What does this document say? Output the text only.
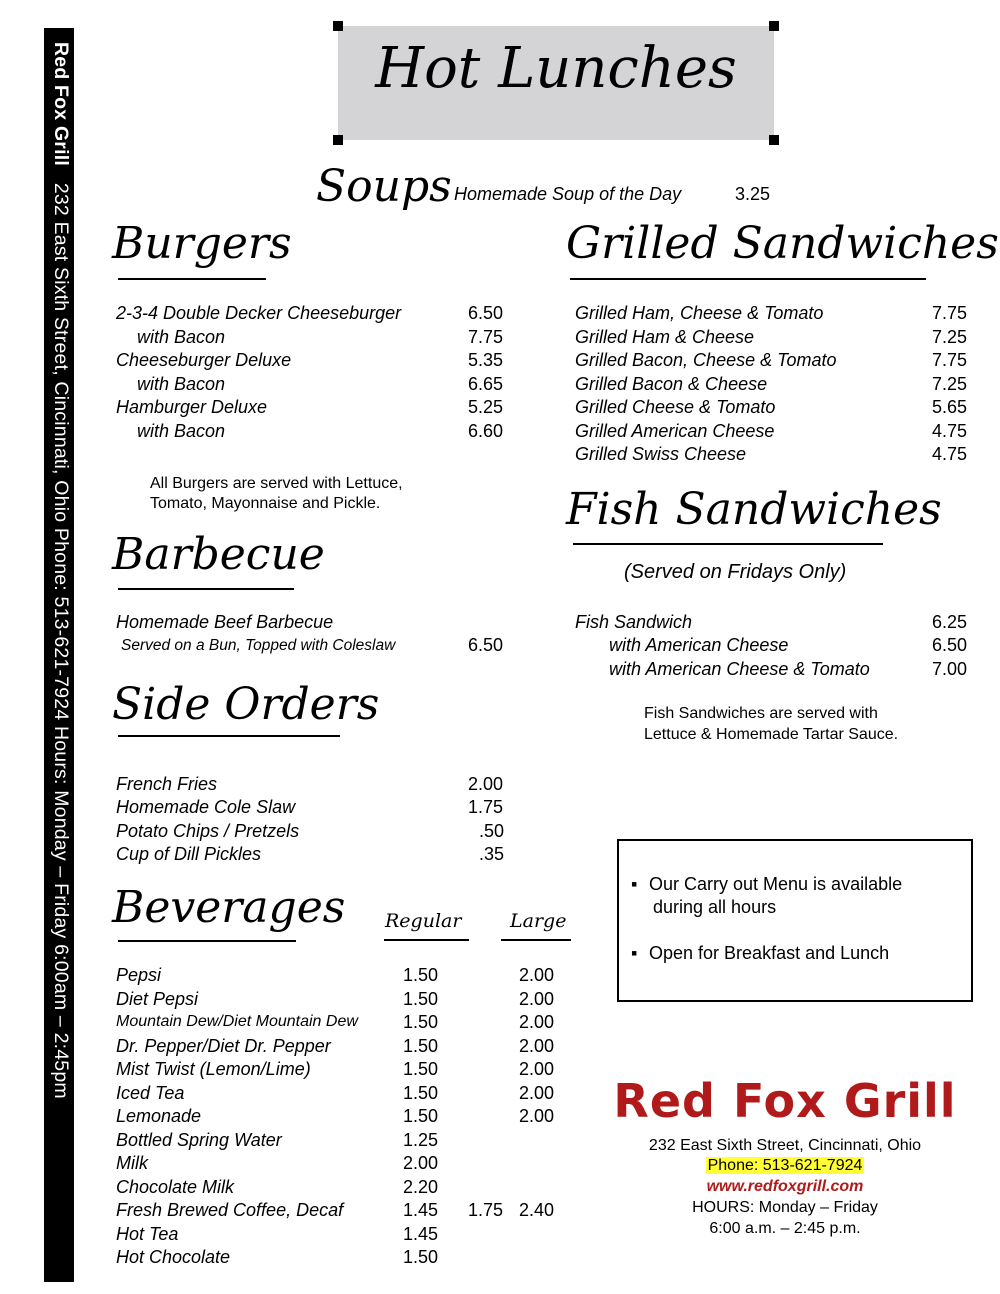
Red Fox Grill   232 East Sixth Street, Cincinnati, Ohio Phone: 513-621-7924 Hours: Monday – Friday 6:00am – 2:45pm
Hot Lunches
Soups Homemade Soup of the Day	3.25
Burgers
2-3-4 Double Decker Cheeseburger	6.50
with Bacon	7.75
Cheeseburger Deluxe	5.35
with Bacon	6.65
Hamburger Deluxe	5.25
with Bacon	6.60
All Burgers are served with Lettuce,
Tomato, Mayonnaise and Pickle.
Barbecue
Homemade Beef Barbecue
Served on a Bun, Topped with Coleslaw	6.50
Side Orders
French Fries	2.00
Homemade Cole Slaw	1.75
Potato Chips / Pretzels	.50
Cup of Dill Pickles	.35
Beverages Regular	Large
Pepsi	1.50	2.00
Diet Pepsi	1.50	2.00
Mountain Dew/Diet Mountain Dew	1.50	2.00
Dr. Pepper/Diet Dr. Pepper	1.50	2.00
Mist Twist (Lemon/Lime)	1.50	2.00
Iced Tea	1.50	2.00
Lemonade	1.50	2.00
Bottled Spring Water	1.25
Milk	2.00
Chocolate Milk	2.20
Fresh Brewed Coffee, Decaf	1.45 1.75 2.40
Hot Tea	1.45
Hot Chocolate	1.50
Grilled Sandwiches
Grilled Ham, Cheese & Tomato	7.75
Grilled Ham & Cheese	7.25
Grilled Bacon, Cheese & Tomato	7.75
Grilled Bacon & Cheese	7.25
Grilled Cheese & Tomato	5.65
Grilled American Cheese	4.75
Grilled Swiss Cheese	4.75
Fish Sandwiches
(Served on Fridays Only)
Fish Sandwich	6.25
with American Cheese	6.50
with American Cheese & Tomato	7.00
Fish Sandwiches are served with
Lettuce & Homemade Tartar Sauce.
▪ Our Carry out Menu is available
during all hours
▪ Open for Breakfast and Lunch
Red Fox Grill
232 East Sixth Street, Cincinnati, Ohio
Phone: 513-621-7924
www.redfoxgrill.com
HOURS: Monday – Friday
6:00 a.m. – 2:45 p.m.
